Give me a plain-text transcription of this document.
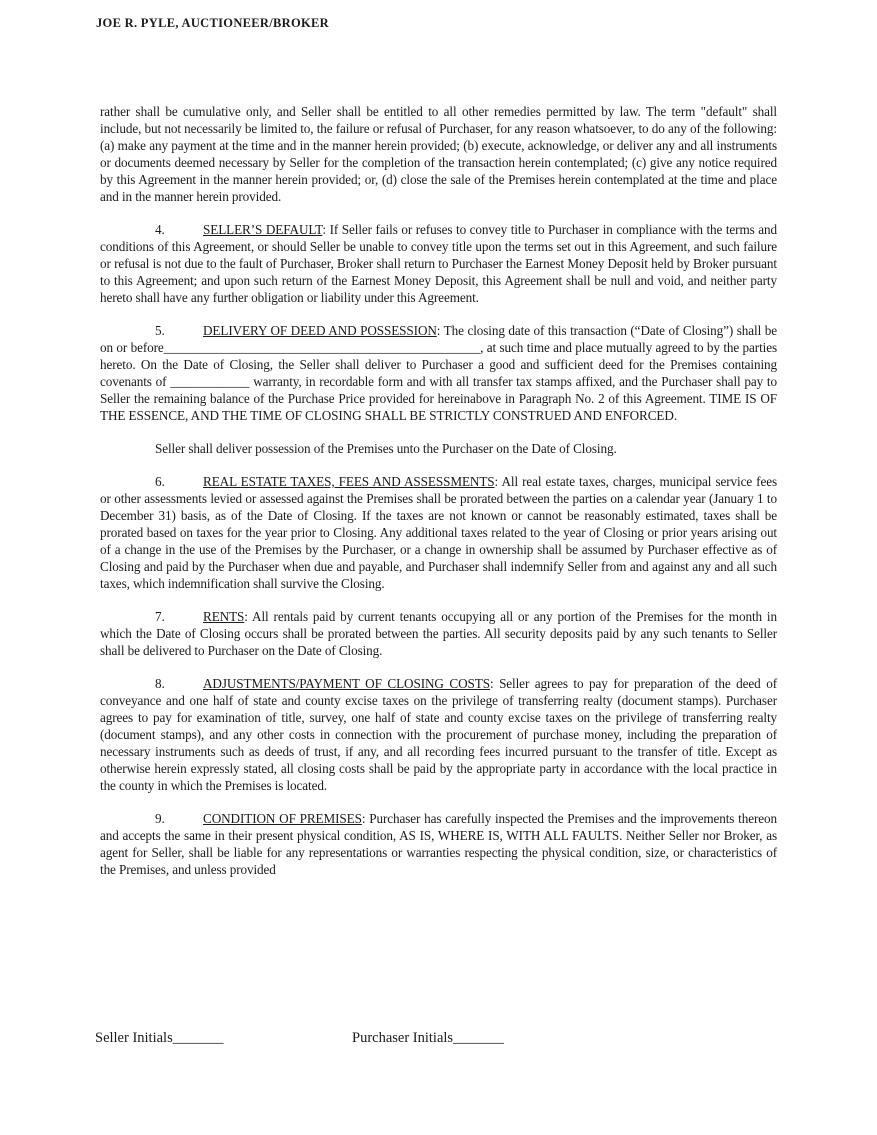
JOE R. PYLE, AUCTIONEER/BROKER

rather shall be cumulative only, and Seller shall be entitled to all other remedies permitted by law. The term "default" shall include, but not necessarily be limited to, the failure or refusal of Purchaser, for any reason whatsoever, to do any of the following: (a) make any payment at the time and in the manner herein provided; (b) execute, acknowledge, or deliver any and all instruments or documents deemed necessary by Seller for the completion of the transaction herein contemplated; (c) give any notice required by this Agreement in the manner herein provided; or, (d) close the sale of the Premises herein contemplated at the time and place and in the manner herein provided.

4.	SELLER’S DEFAULT: If Seller fails or refuses to convey title to Purchaser in compliance with the terms and conditions of this Agreement, or should Seller be unable to convey title upon the terms set out in this Agreement, and such failure or refusal is not due to the fault of Purchaser, Broker shall return to Purchaser the Earnest Money Deposit held by Broker pursuant to this Agreement; and upon such return of the Earnest Money Deposit, this Agreement shall be null and void, and neither party hereto shall have any further obligation or liability under this Agreement.

5.	DELIVERY OF DEED AND POSSESSION: The closing date of this transaction (“Date of Closing”) shall be on or before________________________________________________, at such time and place mutually agreed to by the parties hereto. On the Date of Closing, the Seller shall deliver to Purchaser a good and sufficient deed for the Premises containing covenants of ____________ warranty, in recordable form and with all transfer tax stamps affixed, and the Purchaser shall pay to Seller the remaining balance of the Purchase Price provided for hereinabove in Paragraph No. 2 of this Agreement. TIME IS OF THE ESSENCE, AND THE TIME OF CLOSING SHALL BE STRICTLY CONSTRUED AND ENFORCED.

Seller shall deliver possession of the Premises unto the Purchaser on the Date of Closing.

6.	REAL ESTATE TAXES, FEES AND ASSESSMENTS: All real estate taxes, charges, municipal service fees or other assessments levied or assessed against the Premises shall be prorated between the parties on a calendar year (January 1 to December 31) basis, as of the Date of Closing. If the taxes are not known or cannot be reasonably estimated, taxes shall be prorated based on taxes for the year prior to Closing. Any additional taxes related to the year of Closing or prior years arising out of a change in the use of the Premises by the Purchaser, or a change in ownership shall be assumed by Purchaser effective as of Closing and paid by the Purchaser when due and payable, and Purchaser shall indemnify Seller from and against any and all such taxes, which indemnification shall survive the Closing.

7.	RENTS: All rentals paid by current tenants occupying all or any portion of the Premises for the month in which the Date of Closing occurs shall be prorated between the parties. All security deposits paid by any such tenants to Seller shall be delivered to Purchaser on the Date of Closing.

8.	ADJUSTMENTS/PAYMENT OF CLOSING COSTS: Seller agrees to pay for preparation of the deed of conveyance and one half of state and county excise taxes on the privilege of transferring realty (document stamps). Purchaser agrees to pay for examination of title, survey, one half of state and county excise taxes on the privilege of transferring realty (document stamps), and any other costs in connection with the procurement of purchase money, including the preparation of necessary instruments such as deeds of trust, if any, and all recording fees incurred pursuant to the transfer of title. Except as otherwise herein expressly stated, all closing costs shall be paid by the appropriate party in accordance with the local practice in the county in which the Premises is located.

9.	CONDITION OF PREMISES: Purchaser has carefully inspected the Premises and the improvements thereon and accepts the same in their present physical condition, AS IS, WHERE IS, WITH ALL FAULTS. Neither Seller nor Broker, as agent for Seller, shall be liable for any representations or warranties respecting the physical condition, size, or characteristics of the Premises, and unless provided

Seller Initials_______	Purchaser Initials_______
